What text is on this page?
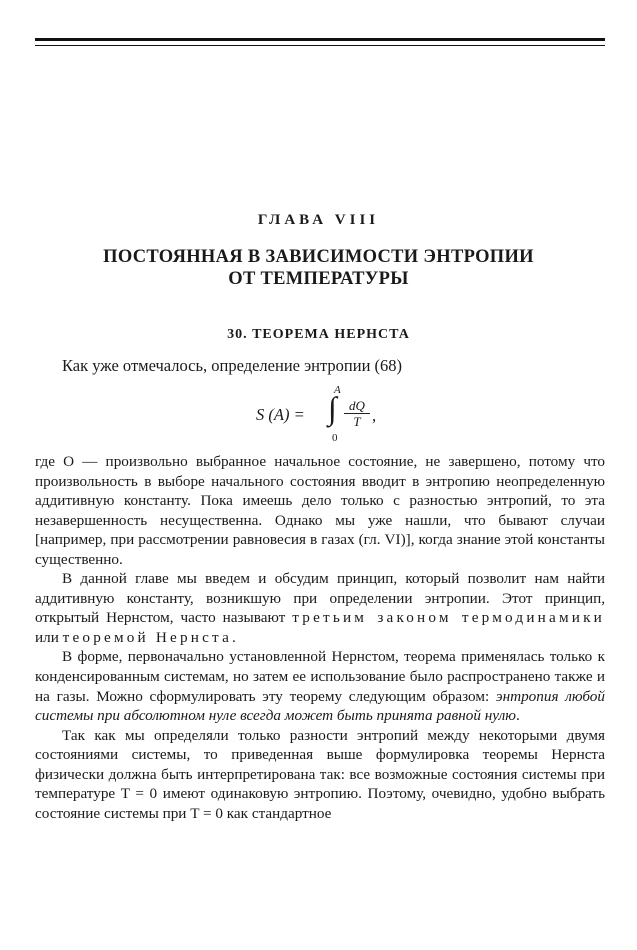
ГЛАВА VIII
ПОСТОЯННАЯ В ЗАВИСИМОСТИ ЭНТРОПИИ
ОТ ТЕМПЕРАТУРЫ
30. ТЕОРЕМА НЕРНСТА
Как уже отмечалось, определение энтропии (68)
S (A) = ∫
A
0
$\frac{dQ}{T}$ ,

где O — произвольно выбранное начальное состояние, не завершено, потому что произвольность в выборе начального состояния вводит в энтропию неопределенную аддитивную константу. Пока имеешь дело только с разностью энтропий, то эта незавершенность несущественна. Однако мы уже нашли, что бывают случаи [например, при рассмотрении равновесия в газах (гл. VI)], когда знание этой константы существенно.

В данной главе мы введем и обсудим принцип, который позволит нам найти аддитивную константу, возникшую при определении энтропии. Этот принцип, открытый Нернстом, часто называют третьим законом термодинамики или теоремой Нернста.

В форме, первоначально установленной Нернстом, теорема применялась только к конденсированным системам, но затем ее использование было распространено также и на газы. Можно сформулировать эту теорему следующим образом: энтропия любой системы при абсолютном нуле всегда может быть принята равной нулю.

Так как мы определяли только разности энтропий между некоторыми двумя состояниями системы, то приведенная выше формулировка теоремы Нернста физически должна быть интерпретирована так: все возможные состояния системы при температуре T = 0 имеют одинаковую энтропию. Поэтому, очевидно, удобно выбрать состояние системы при T = 0 как стандартное
